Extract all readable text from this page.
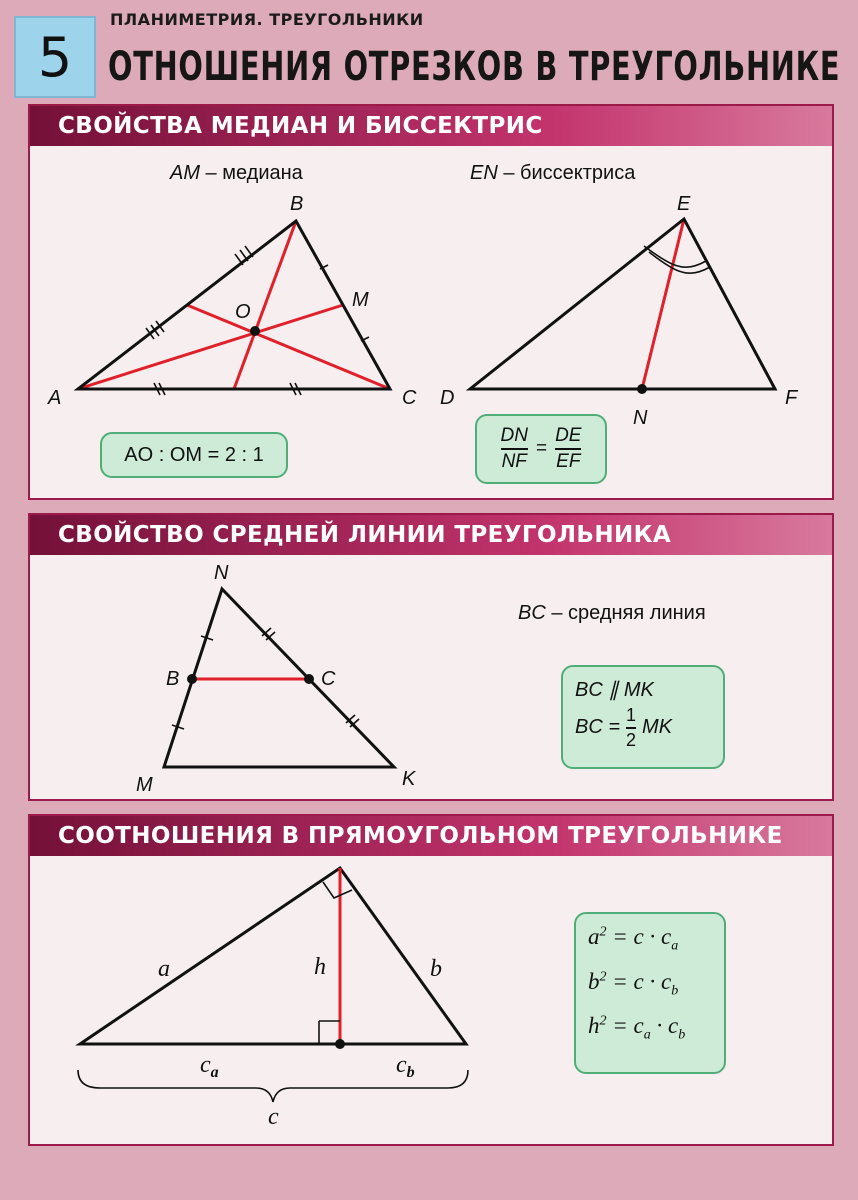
5
ПЛАНИМЕТРИЯ. ТРЕУГОЛЬНИКИ
ОТНОШЕНИЯ ОТРЕЗКОВ В ТРЕУГОЛЬНИКЕ
СВОЙСТВА МЕДИАН И БИССЕКТРИС
AM – медиана	EN – биссектриса
A
B
C
M
O
D
E
F
N
AO : OM = 2 : 1	$\frac{DN}{NF} = \frac{DE}{EF}$
СВОЙСТВО СРЕДНЕЙ ЛИНИИ ТРЕУГОЛЬНИКА
N
B	C
M	K
BC – средняя линия
BC ∥ MK
BC = $\frac{1}{2}$ MK
СООТНОШЕНИЯ В ПРЯМОУГОЛЬНОМ ТРЕУГОЛЬНИКЕ
a	b
h
$c_a$	$c_b$
c
$a^2 = c \cdot c_a$
$b^2 = c \cdot c_b$
$h^2 = c_a \cdot c_b$
